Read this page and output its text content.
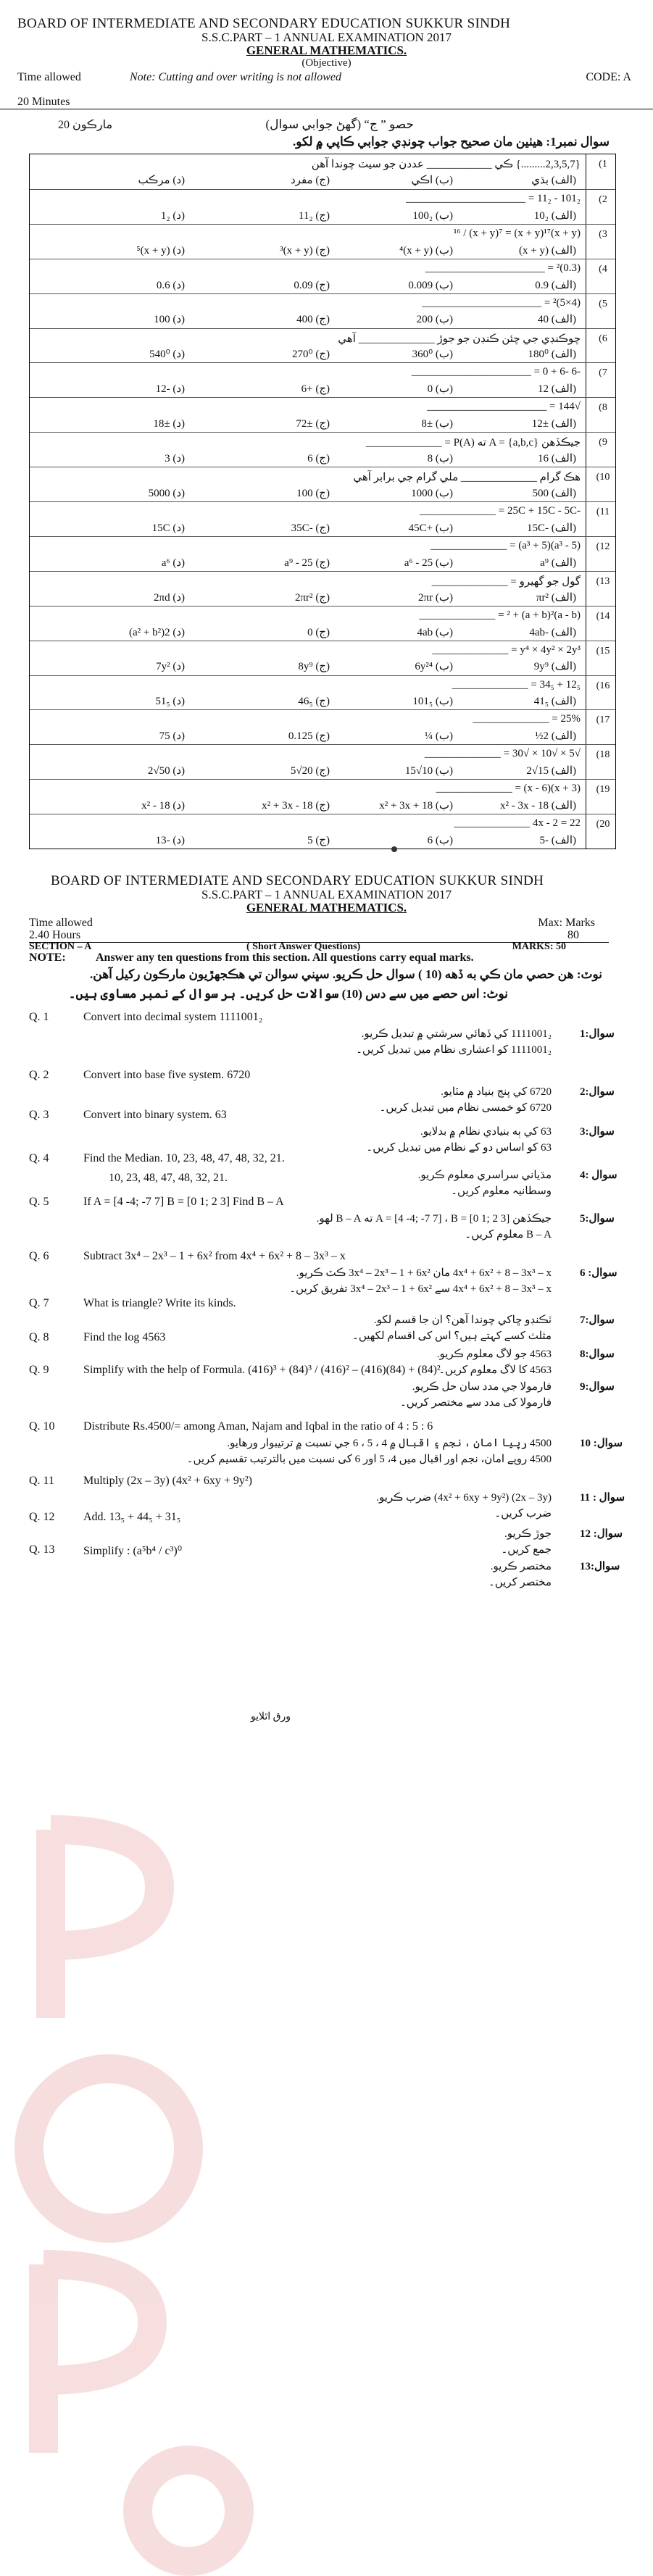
BOARD OF INTERMEDIATE AND SECONDARY EDUCATION SUKKUR SINDH
S.S.C.PART – 1 ANNUAL EXAMINATION 2017
GENERAL MATHEMATICS.
(Objective)
Time allowed	Note: Cutting and over writing is not allowed	CODE: A
20 Minutes
مارڪون 20	حصو ” ج“ (گهڻ جوابي سوال)
سوال نمبر1: هيٺين مان صحيح جواب چونڊي جوابي ڪاپي ۾ لکو.
(1
{2,3,5,7.........} ڪي ____________ عددن جو سيٽ چوندا آهن
(الف) بڌي
(ب) اڪي
(ج) مفرد
(د) مرڪب
(2
101₂ - 11₂ = ______________________
(الف) 10₂
(ب) 100₂
(ج) 11₂
(د) 1₂
(3
(x + y)¹⁶ / (x + y)⁷ = (x + y)¹⁷
(الف) (x + y)
(ب) (x + y)⁴
(ج) (x + y)³
(د) (x + y)⁵
(4
(0.3)² = ______________________
(الف) 0.9
(ب) 0.009
(ج) 0.09
(د) 0.6
(5
(4×5)² = ______________________
(الف) 40
(ب) 200
(ج) 400
(د) 100
(6
چوڪنڊي جي چئن ڪنڊن جو جوڙ ______________ آهي
(الف) 180⁰
(ب) 360⁰
(ج) 270⁰
(د) 540⁰
(7
-6 -6 + 0 = ______________________
(الف) 12
(ب) 0
(ج) +6
(د) -12
(8
√144 = ______________________
(الف) ±12
(ب) ±8
(ج) ±72
(د) ±18
(9
جيڪڏهن A = {a,b,c} ته P(A) = ______________
(الف) 16
(ب) 8
(ج) 6
(د) 3
(10
هڪ گرام ______________ ملي گرام جي برابر آهي
(الف) 500
(ب) 1000
(ج) 100
(د) 5000
(11
-25C + 15C - 5C = ______________
(الف) -15C
(ب) +45C
(ج) -35C
(د) 15C
(12
(a³ - 5)(a³ + 5) = ______________
(الف) a⁹
(ب) a⁶ - 25
(ج) a⁹ - 25
(د) a⁶
(13
گول جو گهيرو = ______________
(الف) πr²
(ب) 2πr
(ج) 2πr²
(د) 2πd
(14
(a - b)² + (a + b)² = ______________
(الف) -4ab
(ب) 4ab
(ج) 0
(د) 2(a² + b²)
(15
y⁴ × 4y² × 2y³ = ______________
(الف) 9y⁹
(ب) 6y²⁴
(ج) 8y⁹
(د) 7y²
(16
12₅ + 34₅ = ______________
(الف) 41₅
(ب) 101₅
(ج) 46₅
(د) 51₅
(17
25% = ______________
(الف) 2½
(ب) ¼
(ج) 0.125
(د) 75
(18
√5 × √10 × √30 = ______________
(الف) 15√2
(ب) 10√15
(ج) 20√5
(د) 50√2
(19
(x + 3)(x - 6) = ______________
(الف) x² - 3x - 18
(ب) x² + 3x + 18
(ج) x² + 3x - 18
(د) x² - 18
(20
4x - 2 = 22 ______________
(الف) -5
(ب) 6
(ج) 5
(د) -13
BOARD OF INTERMEDIATE AND SECONDARY EDUCATION SUKKUR SINDH
S.S.C.PART – 1 ANNUAL EXAMINATION 2017
GENERAL MATHEMATICS.
Time allowed	Max: Marks
2.40 Hours	80
SECTION – A	( Short Answer Questions)	MARKS: 50
NOTE:	Answer any ten questions from this section. All questions carry equal marks.
نوٽ: هن حصي مان ڪي به ڏهه (10 ) سوال حل ڪريو. سڀني سوالن تي هڪجهڙيون مارڪون رکيل آهن.
نوٹ: اس حصے میں سے دس (10) سوالات حل کریں۔ ہر سوال کے نمبر مساوی ہیں۔
Q. 1	Convert into decimal system 1111001₂
سوال:1
1111001₂ کي ڏهائي سرشتي ۾ تبديل ڪريو.
1111001₂ کو اعشاری نظام میں تبدیل کریں۔
Q. 2	Convert into base five system. 6720
سوال:2
6720 کي پنج بنياد ۾ مٽايو.
6720 کو خمسی نظام میں تبدیل کریں۔
Q. 3	Convert into binary system. 63
سوال:3
63 کي ٻه بنيادي نظام ۾ بدلايو.
63 کو اساس دو کے نظام میں تبدیل کریں۔
Q. 4	Find the Median. 10, 23, 48, 47, 48, 32, 21.
سوال :4
مڌياني سراسري معلوم ڪريو.
وسطانیہ معلوم کریں۔
10, 23, 48, 47, 48, 32, 21.
Q. 5	If A = [4 -4; -7 7] B = [0 1; 2 3] Find B – A
سوال:5
جيڪڏهن A = [4 -4; -7 7] ، B = [0 1; 2 3] ته B – A لهو.
B – A معلوم کریں۔
Q. 6	Subtract 3x⁴ – 2x³ – 1 + 6x² from 4x⁴ + 6x² + 8 – 3x³ – x
سوال: 6
4x⁴ + 6x² + 8 – 3x³ – x مان 3x⁴ – 2x³ – 1 + 6x² ڪٽ ڪريو.
4x⁴ + 6x² + 8 – 3x³ – x سے 3x⁴ – 2x³ – 1 + 6x² تفریق کریں۔
Q. 7	What is triangle? Write its kinds.
سوال:7
ٽڪنڊو ڇاکي چوندا آهن؟ ان جا قسم لکو.
مثلث کسے کہتے ہیں؟ اس کی اقسام لکھیں۔
Q. 8	Find the log 4563
سوال:8
4563 جو لاگ معلوم ڪريو.
4563 کا لاگ معلوم کریں۔
Q. 9	Simplify with the help of Formula. (416)³ + (84)³ / (416)² – (416)(84) + (84)²
سوال:9
فارمولا جي مدد سان حل ڪريو.
فارمولا کی مدد سے مختصر کریں۔
Q. 10 Distribute Rs.4500/= among Aman, Najam and Iqbal in the ratio of 4 : 5 : 6
سوال: 10
4500 رپيا امان ، نجم ۽ اقبال ۾ 4 ، 5 ، 6 جي نسبت ۾ ترتيبوار ورهايو.
4500 روپے امان، نجم اور اقبال میں 4، 5 اور 6 کی نسبت میں بالترتیب تقسیم کریں۔
Q. 11	Multiply (2x – 3y) (4x² + 6xy + 9y²)
سوال : 11
(2x – 3y) (4x² + 6xy + 9y²) ضرب ڪريو.
ضرب کریں۔
Q. 12 Add. 13₅ + 44₅ + 31₅
سوال: 12
جوڙ ڪريو.
جمع کریں۔
Q. 13 Simplify : (a⁵b⁴ / c³)⁰
سوال:13
مختصر ڪريو.
مختصر کریں۔
ورق اٿلايو
